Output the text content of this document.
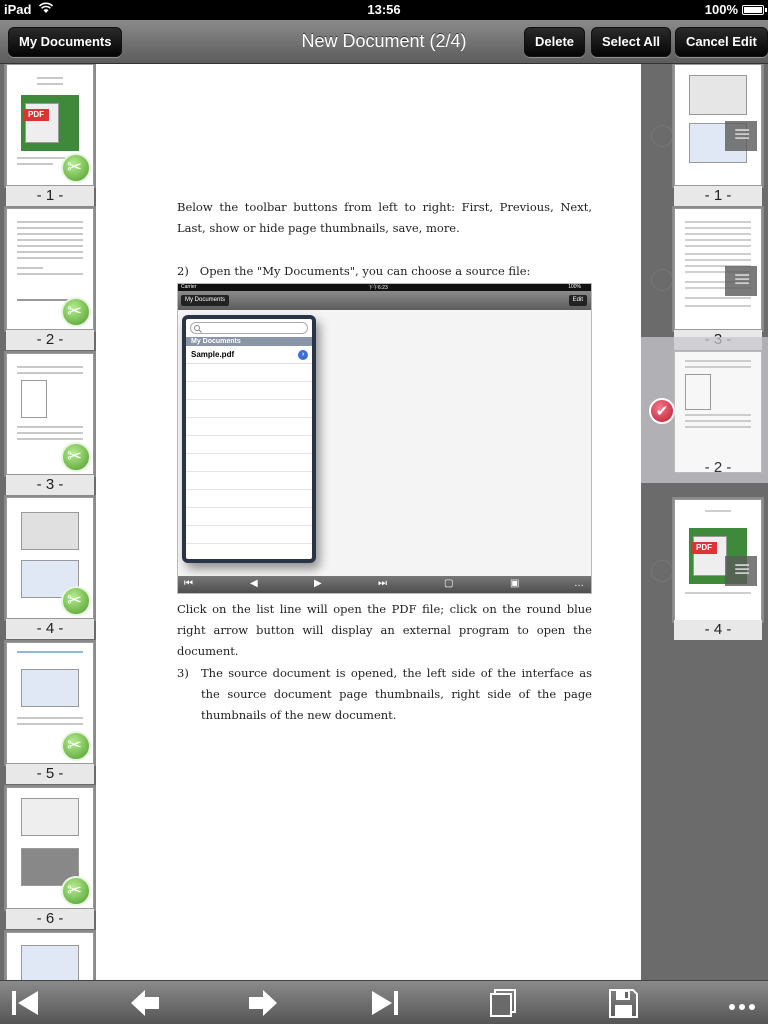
iPad	13:56	100%
My Documents	New Document (2/4)	Delete	Select All	Cancel Edit
PDF
✂
- 1 -
✂
- 2 -
✂
- 3 -
✂
- 4 -
✂
- 5 -
✂
- 6 -
Below the toolbar buttons from left to right: First, Previous, Next, Last, show or hide page thumbnails, save, more.
2)   Open the "My Documents", you can choose a source file:
Carrier	下午6:23	100%
My Documents	Edit
My Documents
Sample.pdf	›
⏮	◀	▶	⏭	▢	▣	…
Click on the list line will open the PDF file; click on the round blue right arrow button will display an external program to open the document.
3) The source document is opened, the left side of the interface as the source document page thumbnails, right side of the page thumbnails of the new document.
≡
- 1 -
≡
✔
- 2 -
PDF
≡
- 4 -
